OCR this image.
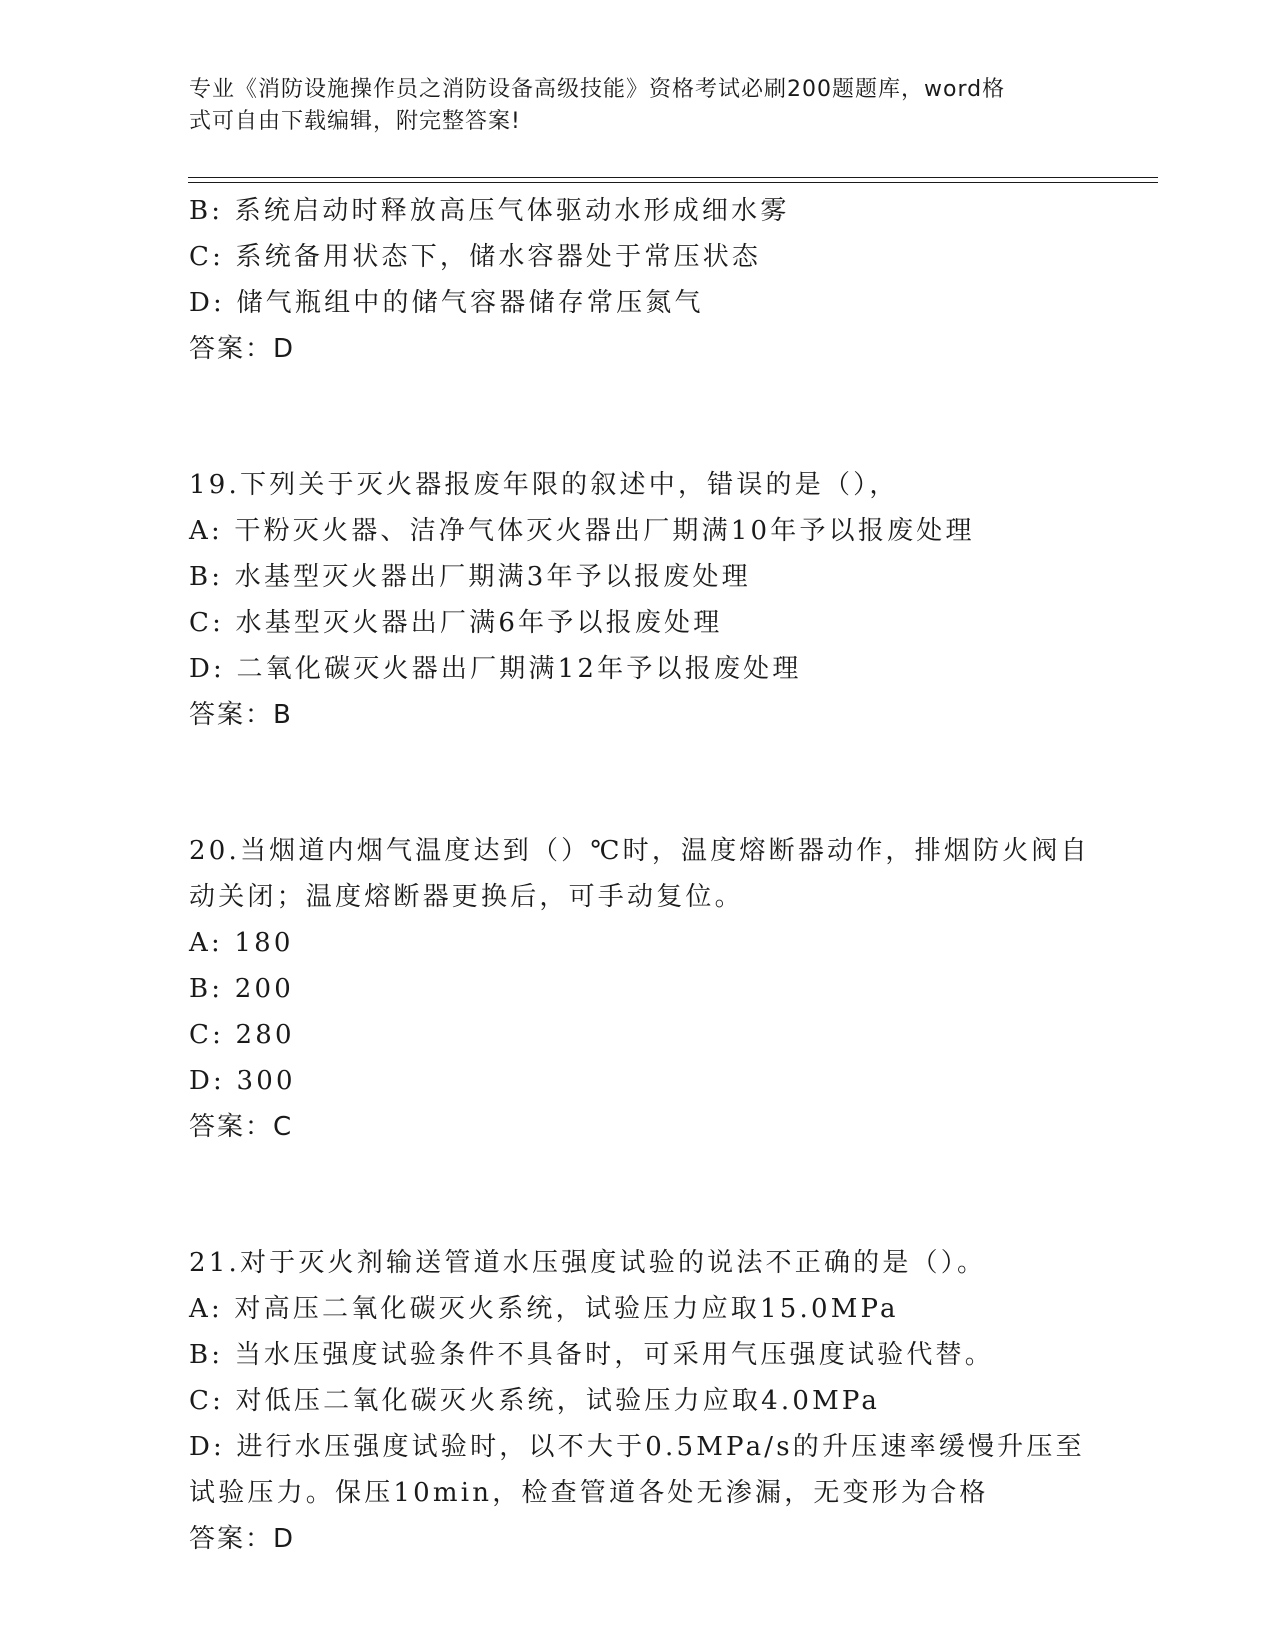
专业《消防设施操作员之消防设备高级技能》资格考试必刷200题题库，word格
式可自由下载编辑，附完整答案!
B: 系统启动时释放高压气体驱动水形成细水雾
C: 系统备用状态下，储水容器处于常压状态
D: 储气瓶组中的储气容器储存常压氮气
答案：D
19.下列关于灭火器报废年限的叙述中，错误的是（），
A: 干粉灭火器、洁净气体灭火器出厂期满10年予以报废处理
B: 水基型灭火器出厂期满3年予以报废处理
C: 水基型灭火器出厂满6年予以报废处理
D: 二氧化碳灭火器出厂期满12年予以报废处理
答案：B
20.当烟道内烟气温度达到（）℃时，温度熔断器动作，排烟防火阀自
动关闭；温度熔断器更换后，可手动复位。
A: 180
B: 200
C: 280
D: 300
答案：C
21.对于灭火剂输送管道水压强度试验的说法不正确的是（）。
A: 对高压二氧化碳灭火系统，试验压力应取15.0MPa
B: 当水压强度试验条件不具备时，可采用气压强度试验代替。
C: 对低压二氧化碳灭火系统，试验压力应取4.0MPa
D: 进行水压强度试验时，以不大于0.5MPa/s的升压速率缓慢升压至
试验压力。保压10min，检查管道各处无渗漏，无变形为合格
答案：D
